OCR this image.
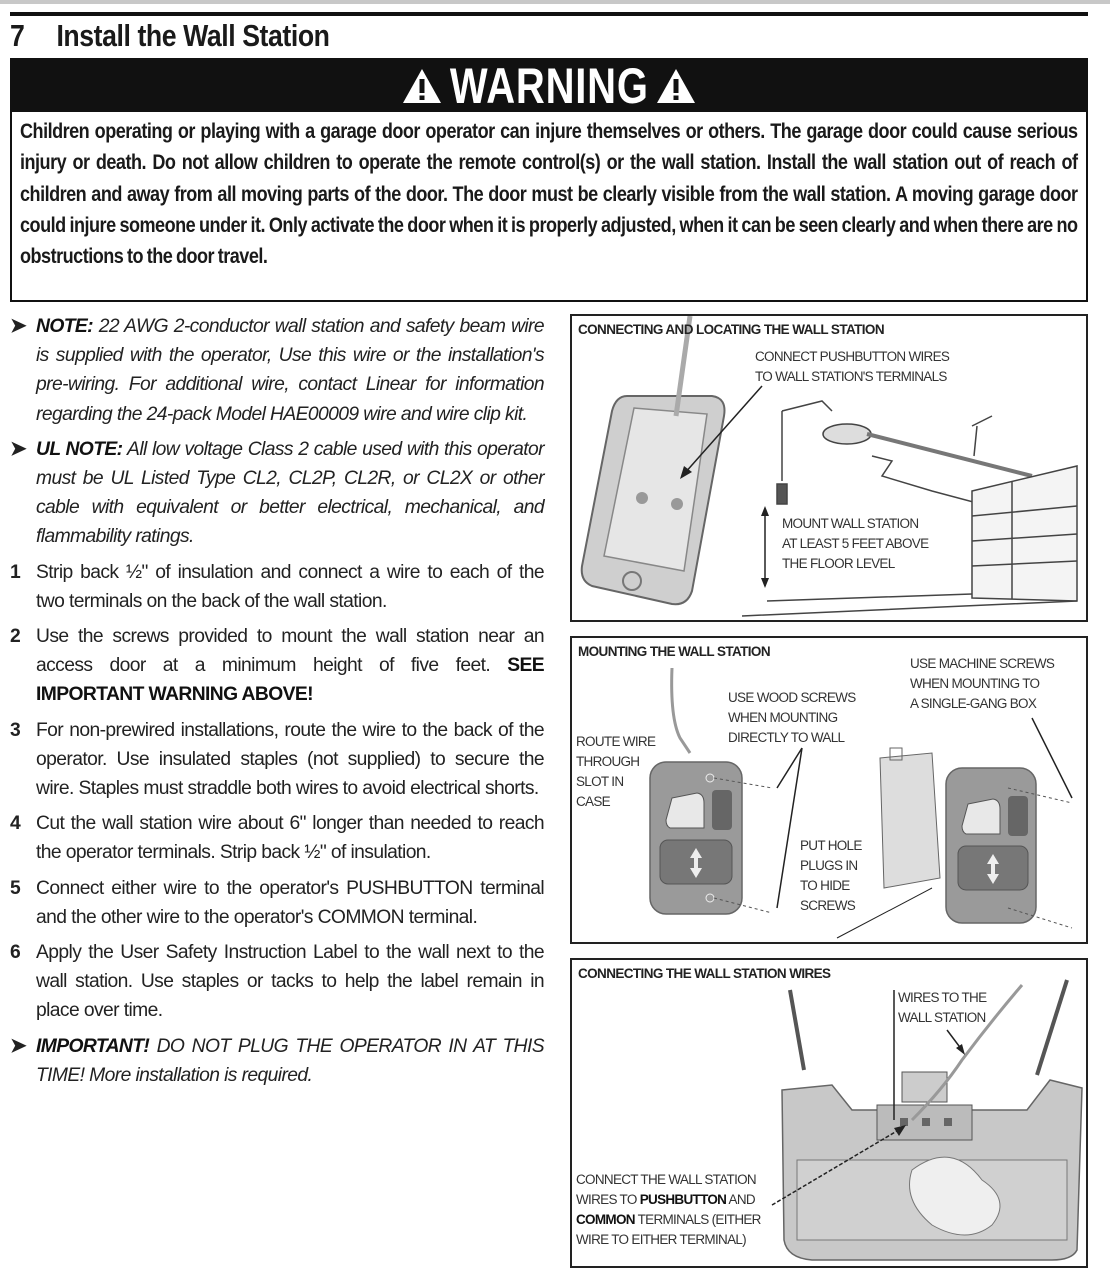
7	Install the Wall Station
WARNING
Children operating or playing with a garage door operator can injure themselves or others. The garage door could cause serious injury or death. Do not allow children to operate the remote control(s) or the wall station. Install the wall station out of reach of children and away from all moving parts of the door. The door must be clearly visible from the wall station. A moving garage door could injure someone under it. Only activate the door when it is properly adjusted, when it can be seen clearly and when there are no obstructions to the door travel.
➤ NOTE: 22 AWG 2-conductor wall station and safety beam wire is supplied with the operator, Use this wire or the installation's pre-wiring. For additional wire, contact Linear for information regarding the 24-pack Model HAE00009 wire and wire clip kit.
➤ UL NOTE: All low voltage Class 2 cable used with this operator must be UL Listed Type CL2, CL2P, CL2R, or CL2X or other cable with equivalent or better electrical, mechanical, and flammability ratings.
1 Strip back ½" of insulation and connect a wire to each of the two terminals on the back of the wall station.
2 Use the screws provided to mount the wall station near an access door at a minimum height of five feet. SEE IMPORTANT WARNING ABOVE!
3 For non-prewired installations, route the wire to the back of the operator. Use insulated staples (not supplied) to secure the wire. Staples must straddle both wires to avoid electrical shorts.
4 Cut the wall station wire about 6" longer than needed to reach the operator terminals. Strip back ½" of insulation.
5 Connect either wire to the operator's PUSHBUTTON terminal and the other wire to the operator's COMMON terminal.
6 Apply the User Safety Instruction Label to the wall next to the wall station. Use staples or tacks to help the label remain in place over time.
➤ IMPORTANT! DO NOT PLUG THE OPERATOR IN AT THIS TIME! More installation is required.
CONNECTING AND LOCATING THE WALL STATION
CONNECT PUSHBUTTON WIRES
TO WALL STATION'S TERMINALS
MOUNT WALL STATION
AT LEAST 5 FEET ABOVE
THE FLOOR LEVEL
MOUNTING THE WALL STATION
ROUTE WIRE
THROUGH
SLOT IN
CASE
USE WOOD SCREWS
WHEN MOUNTING
DIRECTLY TO WALL
USE MACHINE SCREWS
WHEN MOUNTING TO
A SINGLE-GANG BOX
PUT HOLE
PLUGS IN
TO HIDE
SCREWS
CONNECTING THE WALL STATION WIRES
WIRES TO THE
WALL STATION
CONNECT THE WALL STATION
WIRES TO PUSHBUTTON AND
COMMON TERMINALS (EITHER
WIRE TO EITHER TERMINAL)
